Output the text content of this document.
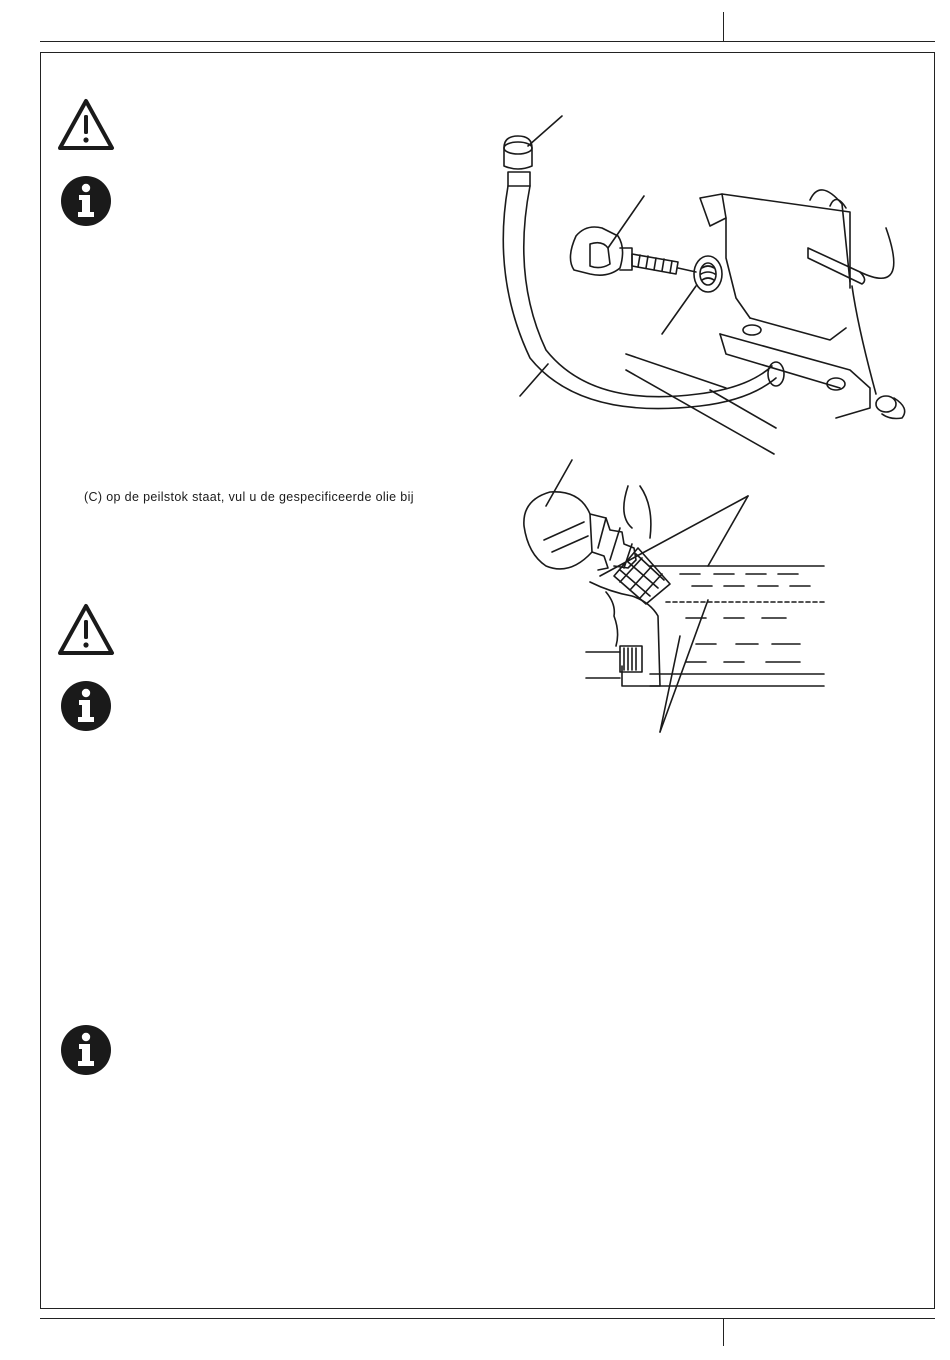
(C) op de peilstok staat, vul u de gespecificeerde olie bij
